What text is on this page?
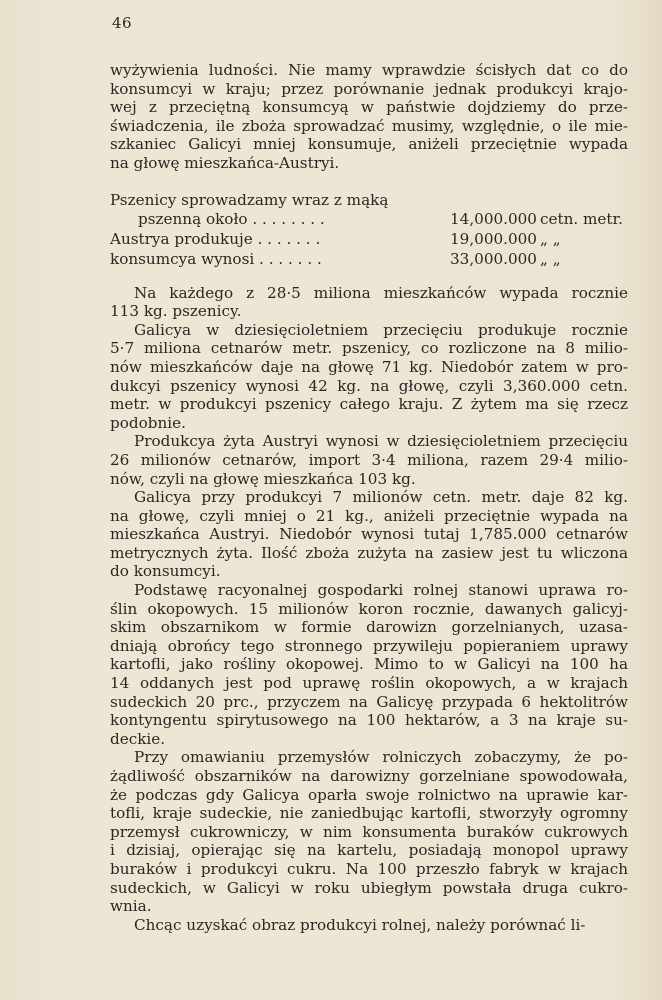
46
wyżywienia ludności. Nie mamy wprawdzie ścisłych dat co do
konsumcyi w kraju; przez porównanie jednak produkcyi krajo-
wej z przeciętną konsumcyą w państwie dojdziemy do prze-
świadczenia, ile zboża sprowadzać musimy, względnie, o ile mie-
szkaniec Galicyi mniej konsumuje, aniżeli przeciętnie wypada
na głowę mieszkańca-Austryi.
Pszenicy sprowadzamy wraz z mąką
pszenną około . . . . . . . .	14,000.000 cetn. metr.
Austrya produkuje . . . . . . .	19,000.000 „ „
konsumcya wynosi . . . . . . .	33,000.000 „ „
Na każdego z 28·5 miliona mieszkańców wypada rocznie
113 kg. pszenicy.
Galicya w dziesięcioletniem przecięciu produkuje rocznie
5·7 miliona cetnarów metr. pszenicy, co rozliczone na 8 milio-
nów mieszkańców daje na głowę 71 kg. Niedobór zatem w pro-
dukcyi pszenicy wynosi 42 kg. na głowę, czyli 3,360.000 cetn.
metr. w produkcyi pszenicy całego kraju. Z żytem ma się rzecz
podobnie.
Produkcya żyta Austryi wynosi w dziesięcioletniem przecięciu
26 milionów cetnarów, import 3·4 miliona, razem 29·4 milio-
nów, czyli na głowę mieszkańca 103 kg.
Galicya przy produkcyi 7 milionów cetn. metr. daje 82 kg.
na głowę, czyli mniej o 21 kg., aniżeli przeciętnie wypada na
mieszkańca Austryi. Niedobór wynosi tutaj 1,785.000 cetnarów
metrycznych żyta. Ilość zboża zużyta na zasiew jest tu wliczona
do konsumcyi.
Podstawę racyonalnej gospodarki rolnej stanowi uprawa ro-
ślin okopowych. 15 milionów koron rocznie, dawanych galicyj-
skim obszarnikom w formie darowizn gorzelnianych, uzasa-
dniają obrońcy tego stronnego przywileju popieraniem uprawy
kartofli, jako rośliny okopowej. Mimo to w Galicyi na 100 ha
14 oddanych jest pod uprawę roślin okopowych, a w krajach
sudeckich 20 prc., przyczem na Galicyę przypada 6 hektolitrów
kontyngentu spirytusowego na 100 hektarów, a 3 na kraje su-
deckie.
Przy omawianiu przemysłów rolniczych zobaczymy, że po-
żądliwość obszarników na darowizny gorzelniane spowodowała,
że podczas gdy Galicya oparła swoje rolnictwo na uprawie kar-
tofli, kraje sudeckie, nie zaniedbując kartofli, stworzyły ogromny
przemysł cukrowniczy, w nim konsumenta buraków cukrowych
i dzisiaj, opierając się na kartelu, posiadają monopol uprawy
buraków i produkcyi cukru. Na 100 przeszło fabryk w krajach
sudeckich, w Galicyi w roku ubiegłym powstała druga cukro-
wnia.
Chcąc uzyskać obraz produkcyi rolnej, należy porównać li-
